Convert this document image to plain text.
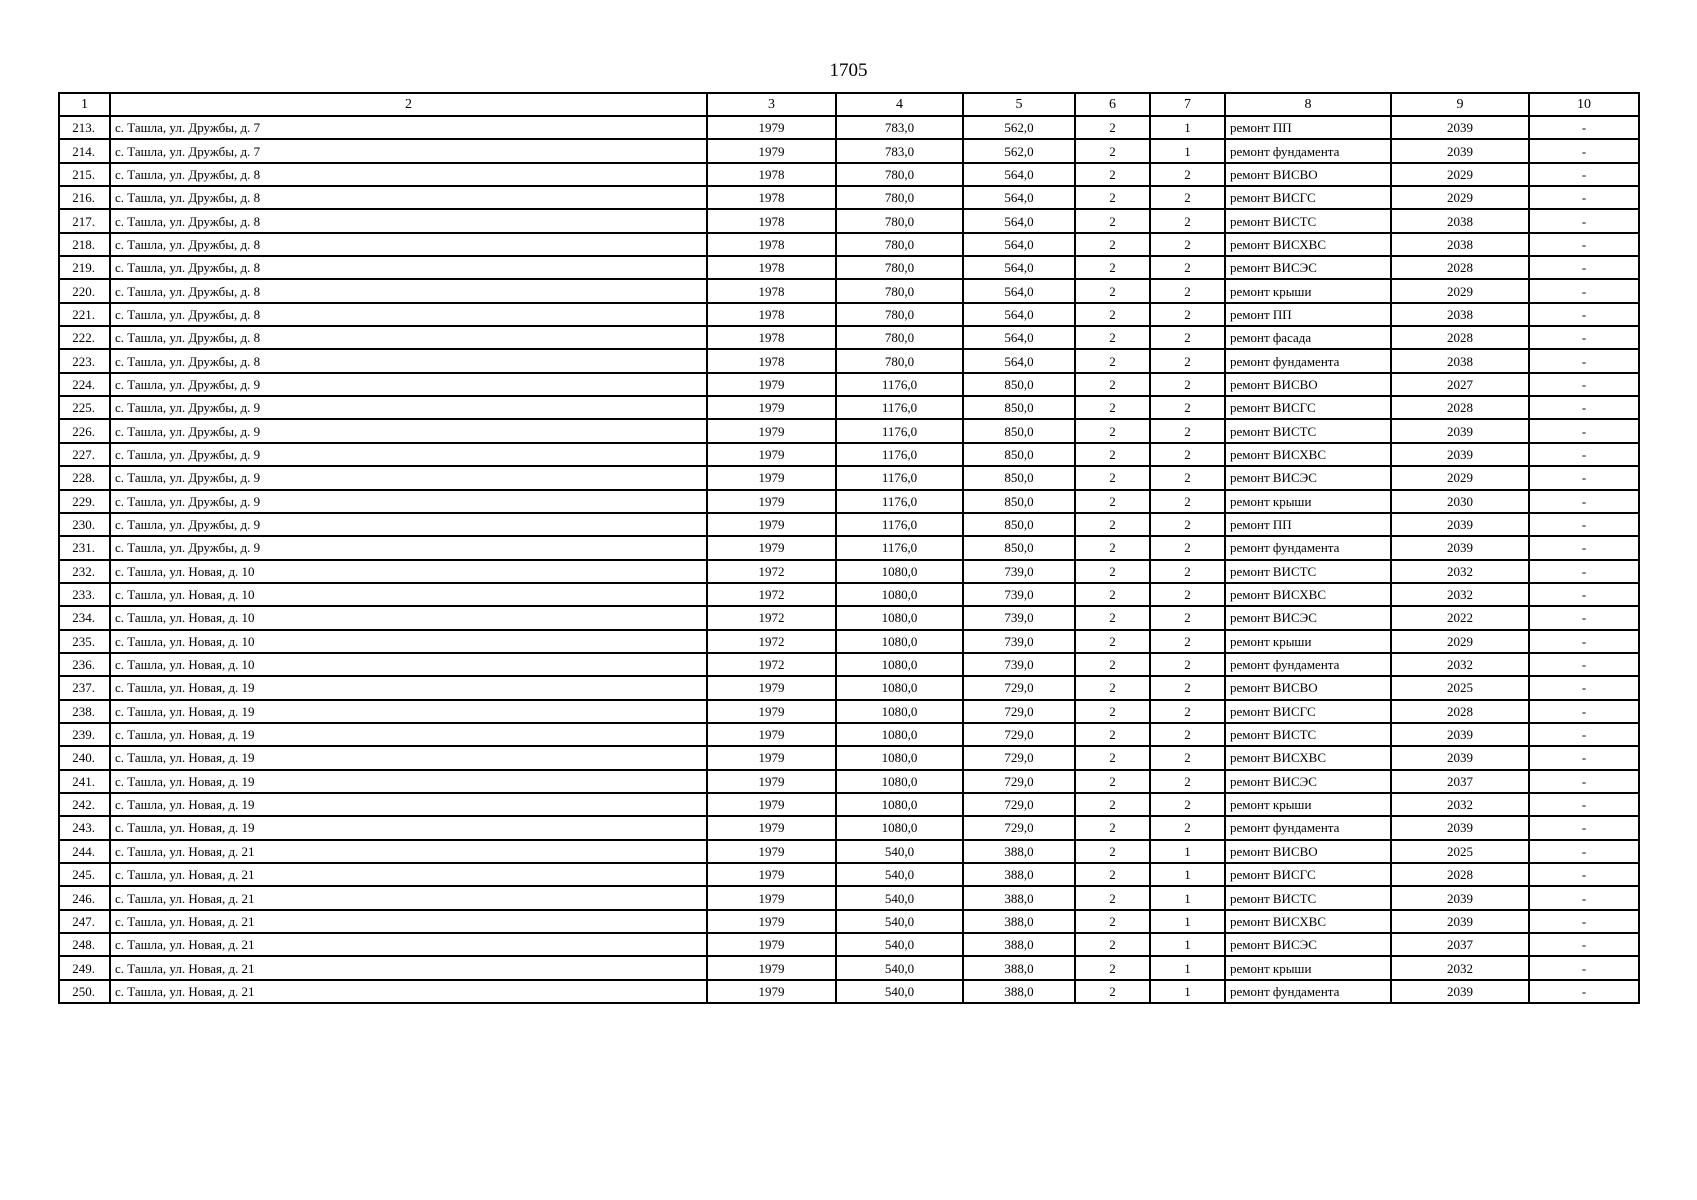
1705
1	2	3	4	5	6	7	8	9	10
213.	с. Ташла, ул. Дружбы, д. 7	1979	783,0	562,0	2	1	ремонт ПП	2039	-
214.	с. Ташла, ул. Дружбы, д. 7	1979	783,0	562,0	2	1	ремонт фундамента	2039	-
215.	с. Ташла, ул. Дружбы, д. 8	1978	780,0	564,0	2	2	ремонт ВИСВО	2029	-
216.	с. Ташла, ул. Дружбы, д. 8	1978	780,0	564,0	2	2	ремонт ВИСГС	2029	-
217.	с. Ташла, ул. Дружбы, д. 8	1978	780,0	564,0	2	2	ремонт ВИСТС	2038	-
218.	с. Ташла, ул. Дружбы, д. 8	1978	780,0	564,0	2	2	ремонт ВИСХВС	2038	-
219.	с. Ташла, ул. Дружбы, д. 8	1978	780,0	564,0	2	2	ремонт ВИСЭС	2028	-
220.	с. Ташла, ул. Дружбы, д. 8	1978	780,0	564,0	2	2	ремонт крыши	2029	-
221.	с. Ташла, ул. Дружбы, д. 8	1978	780,0	564,0	2	2	ремонт ПП	2038	-
222.	с. Ташла, ул. Дружбы, д. 8	1978	780,0	564,0	2	2	ремонт фасада	2028	-
223.	с. Ташла, ул. Дружбы, д. 8	1978	780,0	564,0	2	2	ремонт фундамента	2038	-
224.	с. Ташла, ул. Дружбы, д. 9	1979	1176,0	850,0	2	2	ремонт ВИСВО	2027	-
225.	с. Ташла, ул. Дружбы, д. 9	1979	1176,0	850,0	2	2	ремонт ВИСГС	2028	-
226.	с. Ташла, ул. Дружбы, д. 9	1979	1176,0	850,0	2	2	ремонт ВИСТС	2039	-
227.	с. Ташла, ул. Дружбы, д. 9	1979	1176,0	850,0	2	2	ремонт ВИСХВС	2039	-
228.	с. Ташла, ул. Дружбы, д. 9	1979	1176,0	850,0	2	2	ремонт ВИСЭС	2029	-
229.	с. Ташла, ул. Дружбы, д. 9	1979	1176,0	850,0	2	2	ремонт крыши	2030	-
230.	с. Ташла, ул. Дружбы, д. 9	1979	1176,0	850,0	2	2	ремонт ПП	2039	-
231.	с. Ташла, ул. Дружбы, д. 9	1979	1176,0	850,0	2	2	ремонт фундамента	2039	-
232.	с. Ташла, ул. Новая, д. 10	1972	1080,0	739,0	2	2	ремонт ВИСТС	2032	-
233.	с. Ташла, ул. Новая, д. 10	1972	1080,0	739,0	2	2	ремонт ВИСХВС	2032	-
234.	с. Ташла, ул. Новая, д. 10	1972	1080,0	739,0	2	2	ремонт ВИСЭС	2022	-
235.	с. Ташла, ул. Новая, д. 10	1972	1080,0	739,0	2	2	ремонт крыши	2029	-
236.	с. Ташла, ул. Новая, д. 10	1972	1080,0	739,0	2	2	ремонт фундамента	2032	-
237.	с. Ташла, ул. Новая, д. 19	1979	1080,0	729,0	2	2	ремонт ВИСВО	2025	-
238.	с. Ташла, ул. Новая, д. 19	1979	1080,0	729,0	2	2	ремонт ВИСГС	2028	-
239.	с. Ташла, ул. Новая, д. 19	1979	1080,0	729,0	2	2	ремонт ВИСТС	2039	-
240.	с. Ташла, ул. Новая, д. 19	1979	1080,0	729,0	2	2	ремонт ВИСХВС	2039	-
241.	с. Ташла, ул. Новая, д. 19	1979	1080,0	729,0	2	2	ремонт ВИСЭС	2037	-
242.	с. Ташла, ул. Новая, д. 19	1979	1080,0	729,0	2	2	ремонт крыши	2032	-
243.	с. Ташла, ул. Новая, д. 19	1979	1080,0	729,0	2	2	ремонт фундамента	2039	-
244.	с. Ташла, ул. Новая, д. 21	1979	540,0	388,0	2	1	ремонт ВИСВО	2025	-
245.	с. Ташла, ул. Новая, д. 21	1979	540,0	388,0	2	1	ремонт ВИСГС	2028	-
246.	с. Ташла, ул. Новая, д. 21	1979	540,0	388,0	2	1	ремонт ВИСТС	2039	-
247.	с. Ташла, ул. Новая, д. 21	1979	540,0	388,0	2	1	ремонт ВИСХВС	2039	-
248.	с. Ташла, ул. Новая, д. 21	1979	540,0	388,0	2	1	ремонт ВИСЭС	2037	-
249.	с. Ташла, ул. Новая, д. 21	1979	540,0	388,0	2	1	ремонт крыши	2032	-
250.	с. Ташла, ул. Новая, д. 21	1979	540,0	388,0	2	1	ремонт фундамента	2039	-
